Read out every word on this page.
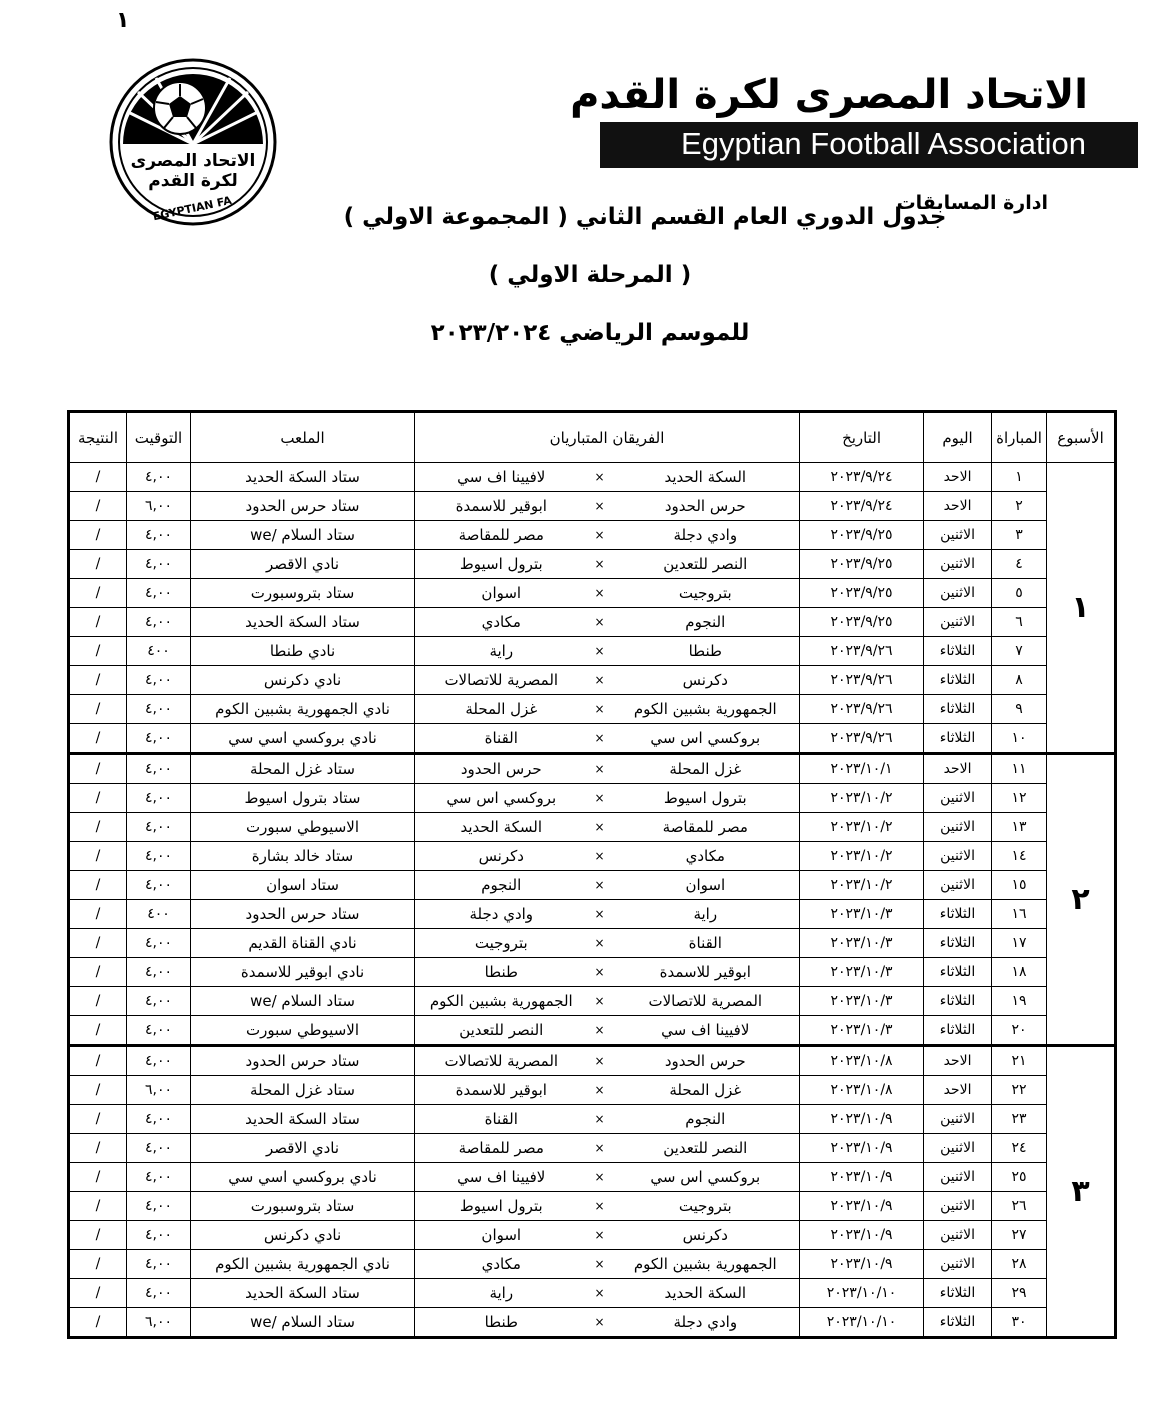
١
الاتحاد المصرى
لكرة القدم
EGYPTIAN FA
الاتحاد المصرى لكرة القدم
Egyptian Football Association
ادارة المسابقات
جدول الدوري العام القسم الثاني ( المجموعة الاولي )
( المرحلة الاولي )
للموسم الرياضي ٢٠٢٣/٢٠٢٤
الأسبوع	المباراة	اليوم	التاريخ	الفريقان المتباريان			الملعب	التوقيت	النتيجة
١	١	الاحد	٢٠٢٣/٩/٢٤	السكة الحديد	×	لافيينا اف سي	ستاد السكة الحديد	٤,٠٠	/
	٢	الاحد	٢٠٢٣/٩/٢٤	حرس الحدود	×	ابوقير للاسمدة	ستاد حرس الحدود	٦,٠٠	/
	٣	الاثنين	٢٠٢٣/٩/٢٥	وادي دجلة	×	مصر للمقاصة	ستاد السلام /we	٤,٠٠	/
	٤	الاثنين	٢٠٢٣/٩/٢٥	النصر للتعدين	×	بترول اسيوط	نادي الاقصر	٤,٠٠	/
	٥	الاثنين	٢٠٢٣/٩/٢٥	بتروجيت	×	اسوان	ستاد بتروسبورت	٤,٠٠	/
	٦	الاثنين	٢٠٢٣/٩/٢٥	النجوم	×	مكادي	ستاد السكة الحديد	٤,٠٠	/
	٧	الثلاثاء	٢٠٢٣/٩/٢٦	طنطا	×	راية	نادي طنطا	٤٠٠	/
	٨	الثلاثاء	٢٠٢٣/٩/٢٦	دكرنس	×	المصرية للاتصالات	نادي دكرنس	٤,٠٠	/
	٩	الثلاثاء	٢٠٢٣/٩/٢٦	الجمهورية بشبين الكوم	×	غزل المحلة	نادي الجمهورية بشبين الكوم	٤,٠٠	/
	١٠	الثلاثاء	٢٠٢٣/٩/٢٦	بروكسي اس سي	×	القناة	نادي بروكسي اسي سي	٤,٠٠	/
٢	١١	الاحد	٢٠٢٣/١٠/١	غزل المحلة	×	حرس الحدود	ستاد غزل المحلة	٤,٠٠	/
	١٢	الاثنين	٢٠٢٣/١٠/٢	بترول اسيوط	×	بروكسي اس سي	ستاد بترول اسيوط	٤,٠٠	/
	١٣	الاثنين	٢٠٢٣/١٠/٢	مصر للمقاصة	×	السكة الحديد	الاسيوطي سبورت	٤,٠٠	/
	١٤	الاثنين	٢٠٢٣/١٠/٢	مكادي	×	دكرنس	ستاد خالد بشارة	٤,٠٠	/
	١٥	الاثنين	٢٠٢٣/١٠/٢	اسوان	×	النجوم	ستاد اسوان	٤,٠٠	/
	١٦	الثلاثاء	٢٠٢٣/١٠/٣	راية	×	وادي دجلة	ستاد حرس الحدود	٤٠٠	/
	١٧	الثلاثاء	٢٠٢٣/١٠/٣	القناة	×	بتروجيت	نادي القناة القديم	٤,٠٠	/
	١٨	الثلاثاء	٢٠٢٣/١٠/٣	ابوقير للاسمدة	×	طنطا	نادي ابوقير للاسمدة	٤,٠٠	/
	١٩	الثلاثاء	٢٠٢٣/١٠/٣	المصرية للاتصالات	×	الجمهورية بشبين الكوم	ستاد السلام /we	٤,٠٠	/
	٢٠	الثلاثاء	٢٠٢٣/١٠/٣	لافيينا اف سي	×	النصر للتعدين	الاسيوطي سبورت	٤,٠٠	/
٣	٢١	الاحد	٢٠٢٣/١٠/٨	حرس الحدود	×	المصرية للاتصالات	ستاد حرس الحدود	٤,٠٠	/
	٢٢	الاحد	٢٠٢٣/١٠/٨	غزل المحلة	×	ابوقير للاسمدة	ستاد غزل المحلة	٦,٠٠	/
	٢٣	الاثنين	٢٠٢٣/١٠/٩	النجوم	×	القناة	ستاد السكة الحديد	٤,٠٠	/
	٢٤	الاثنين	٢٠٢٣/١٠/٩	النصر للتعدين	×	مصر للمقاصة	نادي الاقصر	٤,٠٠	/
	٢٥	الاثنين	٢٠٢٣/١٠/٩	بروكسي اس سي	×	لافيينا اف سي	نادي بروكسي اسي سي	٤,٠٠	/
	٢٦	الاثنين	٢٠٢٣/١٠/٩	بتروجيت	×	بترول اسيوط	ستاد بتروسبورت	٤,٠٠	/
	٢٧	الاثنين	٢٠٢٣/١٠/٩	دكرنس	×	اسوان	نادي دكرنس	٤,٠٠	/
	٢٨	الاثنين	٢٠٢٣/١٠/٩	الجمهورية بشبين الكوم	×	مكادي	نادي الجمهورية بشبين الكوم	٤,٠٠	/
	٢٩	الثلاثاء	٢٠٢٣/١٠/١٠	السكة الحديد	×	راية	ستاد السكة الحديد	٤,٠٠	/
	٣٠	الثلاثاء	٢٠٢٣/١٠/١٠	وادي دجلة	×	طنطا	ستاد السلام /we	٦,٠٠	/
